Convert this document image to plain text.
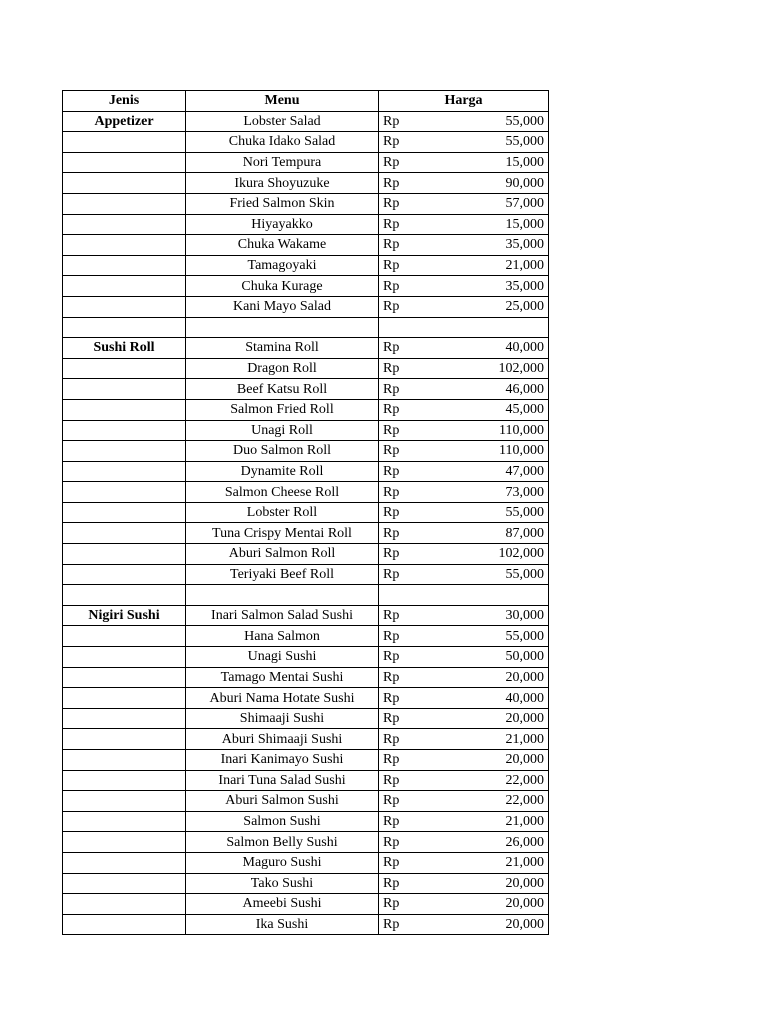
Jenis	Menu	Harga
Appetizer	Lobster Salad	Rp 55,000

	Chuka Idako Salad	Rp 55,000

	Nori Tempura	Rp 15,000

	Ikura Shoyuzuke	Rp 90,000

	Fried Salmon Skin	Rp 57,000

	Hiyayakko	Rp 15,000

	Chuka Wakame	Rp 35,000

	Tamagoyaki	Rp 21,000

	Chuka Kurage	Rp 35,000

	Kani Mayo Salad	Rp 25,000

Sushi Roll	Stamina Roll	Rp 40,000

	Dragon Roll	Rp 102,000

	Beef Katsu Roll	Rp 46,000

	Salmon Fried Roll	Rp 45,000

	Unagi Roll	Rp 110,000

	Duo Salmon Roll	Rp 110,000

	Dynamite Roll	Rp 47,000

	Salmon Cheese Roll	Rp 73,000

	Lobster Roll	Rp 55,000

	Tuna Crispy Mentai Roll	Rp 87,000

	Aburi Salmon Roll	Rp 102,000

	Teriyaki Beef Roll	Rp 55,000

Nigiri Sushi	Inari Salmon Salad Sushi	Rp 30,000

	Hana Salmon	Rp 55,000

	Unagi Sushi	Rp 50,000

	Tamago Mentai Sushi	Rp 20,000

	Aburi Nama Hotate Sushi	Rp 40,000

	Shimaaji Sushi	Rp 20,000

	Aburi Shimaaji Sushi	Rp 21,000

	Inari Kanimayo Sushi	Rp 20,000

	Inari Tuna Salad Sushi	Rp 22,000

	Aburi Salmon Sushi	Rp 22,000

	Salmon Sushi	Rp 21,000

	Salmon Belly Sushi	Rp 26,000

	Maguro Sushi	Rp 21,000

	Tako Sushi	Rp 20,000

	Ameebi Sushi	Rp 20,000

	Ika Sushi	Rp 20,000
